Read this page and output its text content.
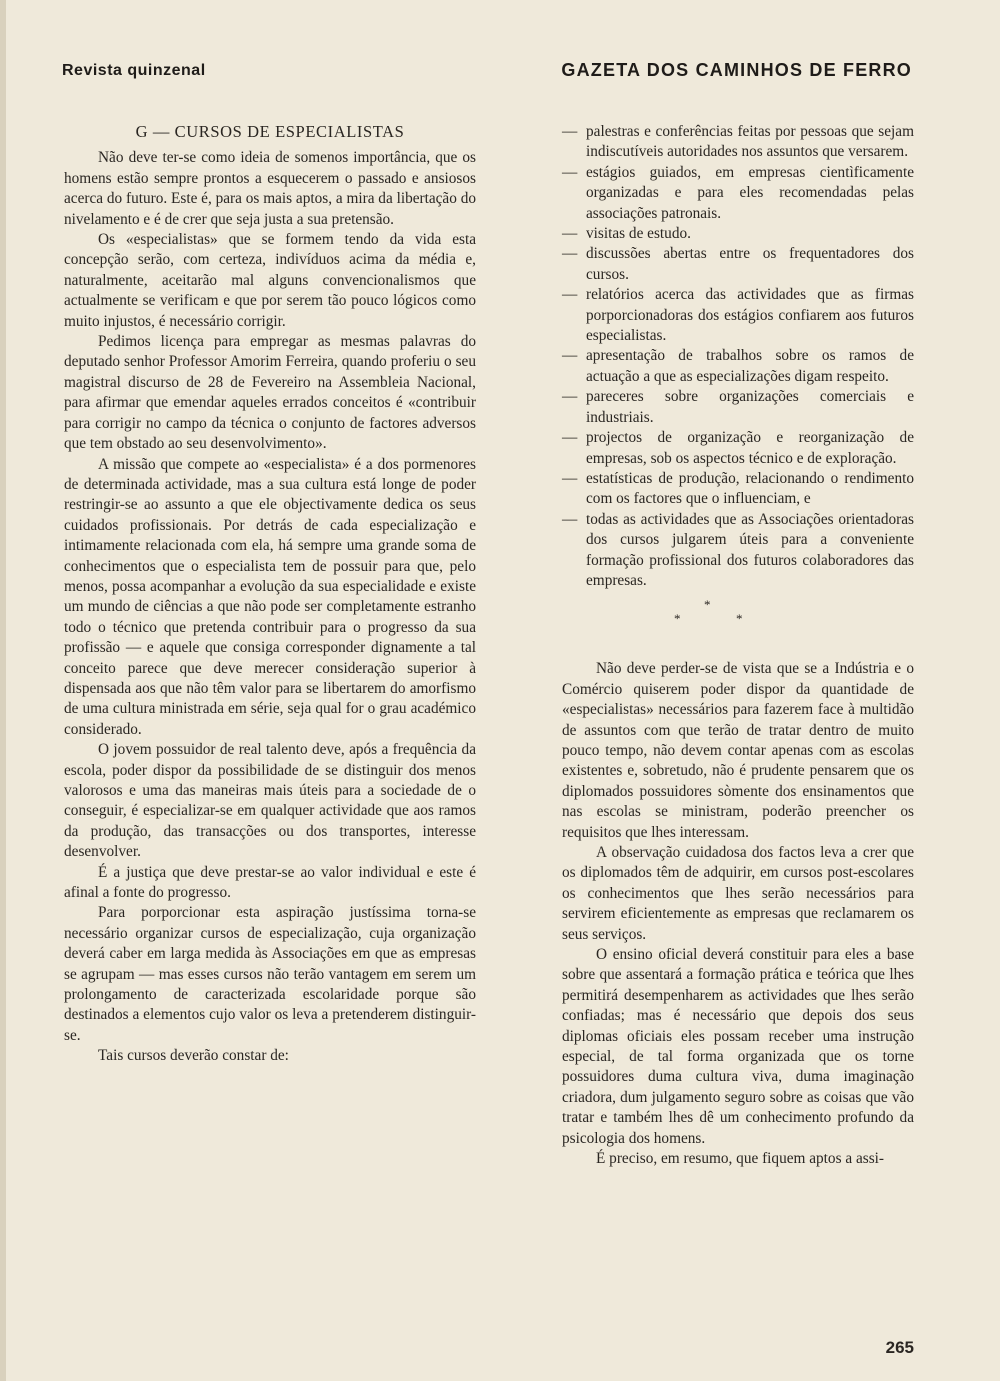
Revista quinzenal	GAZETA DOS CAMINHOS DE FERRO
G — CURSOS DE ESPECIALISTAS

Não deve ter-se como ideia de somenos importância, que os homens estão sempre prontos a esquecerem o passado e ansiosos acerca do futuro. Este é, para os mais aptos, a mira da libertação do nivelamento e é de crer que seja justa a sua pretensão.

Os «especialistas» que se formem tendo da vida esta concepção serão, com certeza, indivíduos acima da média e, naturalmente, aceitarão mal alguns convencionalismos que actualmente se verificam e que por serem tão pouco lógicos como muito injustos, é necessário corrigir.

Pedimos licença para empregar as mesmas palavras do deputado senhor Professor Amorim Ferreira, quando proferiu o seu magistral discurso de 28 de Fevereiro na Assembleia Nacional, para afirmar que emendar aqueles errados conceitos é «contribuir para corrigir no campo da técnica o conjunto de factores adversos que tem obstado ao seu desenvolvimento».

A missão que compete ao «especialista» é a dos pormenores de determinada actividade, mas a sua cultura está longe de poder restringir-se ao assunto a que ele objectivamente dedica os seus cuidados profissionais. Por detrás de cada especialização e intimamente relacionada com ela, há sempre uma grande soma de conhecimentos que o especialista tem de possuir para que, pelo menos, possa acompanhar a evolução da sua especialidade e existe um mundo de ciências a que não pode ser completamente estranho todo o técnico que pretenda contribuir para o progresso da sua profissão — e aquele que consiga corresponder dignamente a tal conceito parece que deve merecer consideração superior à dispensada aos que não têm valor para se libertarem do amorfismo de uma cultura ministrada em série, seja qual for o grau académico considerado.

O jovem possuidor de real talento deve, após a frequência da escola, poder dispor da possibilidade de se distinguir dos menos valorosos e uma das maneiras mais úteis para a sociedade de o conseguir, é especializar-se em qualquer actividade que aos ramos da produção, das transacções ou dos transportes, interesse desenvolver.

É a justiça que deve prestar-se ao valor individual e este é afinal a fonte do progresso.

Para porporcionar esta aspiração justíssima torna-se necessário organizar cursos de especialização, cuja organização deverá caber em larga medida às Associações em que as empresas se agrupam — mas esses cursos não terão vantagem em serem um prolongamento de caracterizada escolaridade porque são destinados a elementos cujo valor os leva a pretenderem distinguir-se.

Tais cursos deverão constar de:

— palestras e conferências feitas por pessoas que sejam indiscutíveis autoridades nos assuntos que versarem.
— estágios guiados, em empresas cientìficamente organizadas e para eles recomendadas pelas associações patronais.
— visitas de estudo.
— discussões abertas entre os frequentadores dos cursos.
— relatórios acerca das actividades que as firmas porporcionadoras dos estágios confiarem aos futuros especialistas.
— apresentação de trabalhos sobre os ramos de actuação a que as especializações digam respeito.
— pareceres sobre organizações comerciais e industriais.
— projectos de organização e reorganização de empresas, sob os aspectos técnico e de exploração.
— estatísticas de produção, relacionando o rendimento com os factores que o influenciam, e
— todas as actividades que as Associações orientadoras dos cursos julgarem úteis para a conveniente formação profissional dos futuros colaboradores das empresas.
*
*	*

Não deve perder-se de vista que se a Indústria e o Comércio quiserem poder dispor da quantidade de «especialistas» necessários para fazerem face à multidão de assuntos com que terão de tratar dentro de muito pouco tempo, não devem contar apenas com as escolas existentes e, sobretudo, não é prudente pensarem que os diplomados possuidores sòmente dos ensinamentos que nas escolas se ministram, poderão preencher os requisitos que lhes interessam.

A observação cuidadosa dos factos leva a crer que os diplomados têm de adquirir, em cursos post-escolares os conhecimentos que lhes serão necessários para servirem eficientemente as empresas que reclamarem os seus serviços.

O ensino oficial deverá constituir para eles a base sobre que assentará a formação prática e teórica que lhes permitirá desempenharem as actividades que lhes serão confiadas; mas é necessário que depois dos seus diplomas oficiais eles possam receber uma instrução especial, de tal forma organizada que os torne possuidores duma cultura viva, duma imaginação criadora, dum julgamento seguro sobre as coisas que vão tratar e também lhes dê um conhecimento profundo da psicologia dos homens.

É preciso, em resumo, que fiquem aptos a assi-

265
